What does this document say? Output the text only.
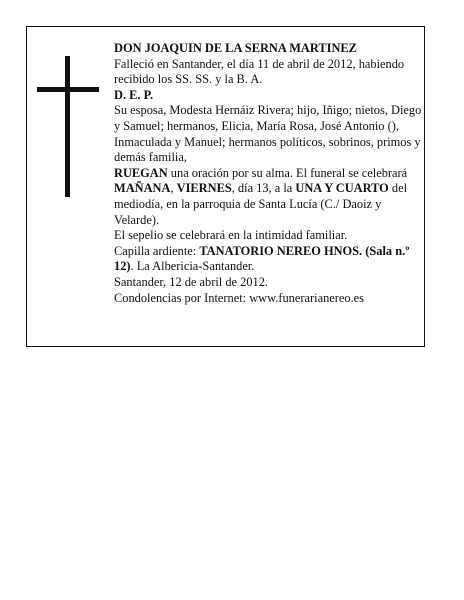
DON JOAQUIN DE LA SERNA MARTINEZ

Falleció en Santander, el día 11 de abril de 2012, habiendo recibido los SS. SS. y la B. A.

D. E. P.

Su esposa, Modesta Hernáiz Rivera; hijo, Iñigo; nietos, Diego y Samuel; hermanos, Elicia, María Rosa, José Antonio (), Inmaculada y Manuel; hermanos políticos, sobrinos, primos y demás familia,

RUEGAN una oración por su alma. El funeral se celebrará MAÑANA, VIERNES, día 13, a la UNA Y CUARTO del mediodía, en la parroquia de Santa Lucía (C./ Daoiz y Velarde).

El sepelio se celebrará en la intimidad familiar.

Capilla ardiente: TANATORIO NEREO HNOS. (Sala n.º 12). La Albericia-Santander.

Santander, 12 de abril de 2012.

Condolencias por Internet: www.funerarianereo.es
